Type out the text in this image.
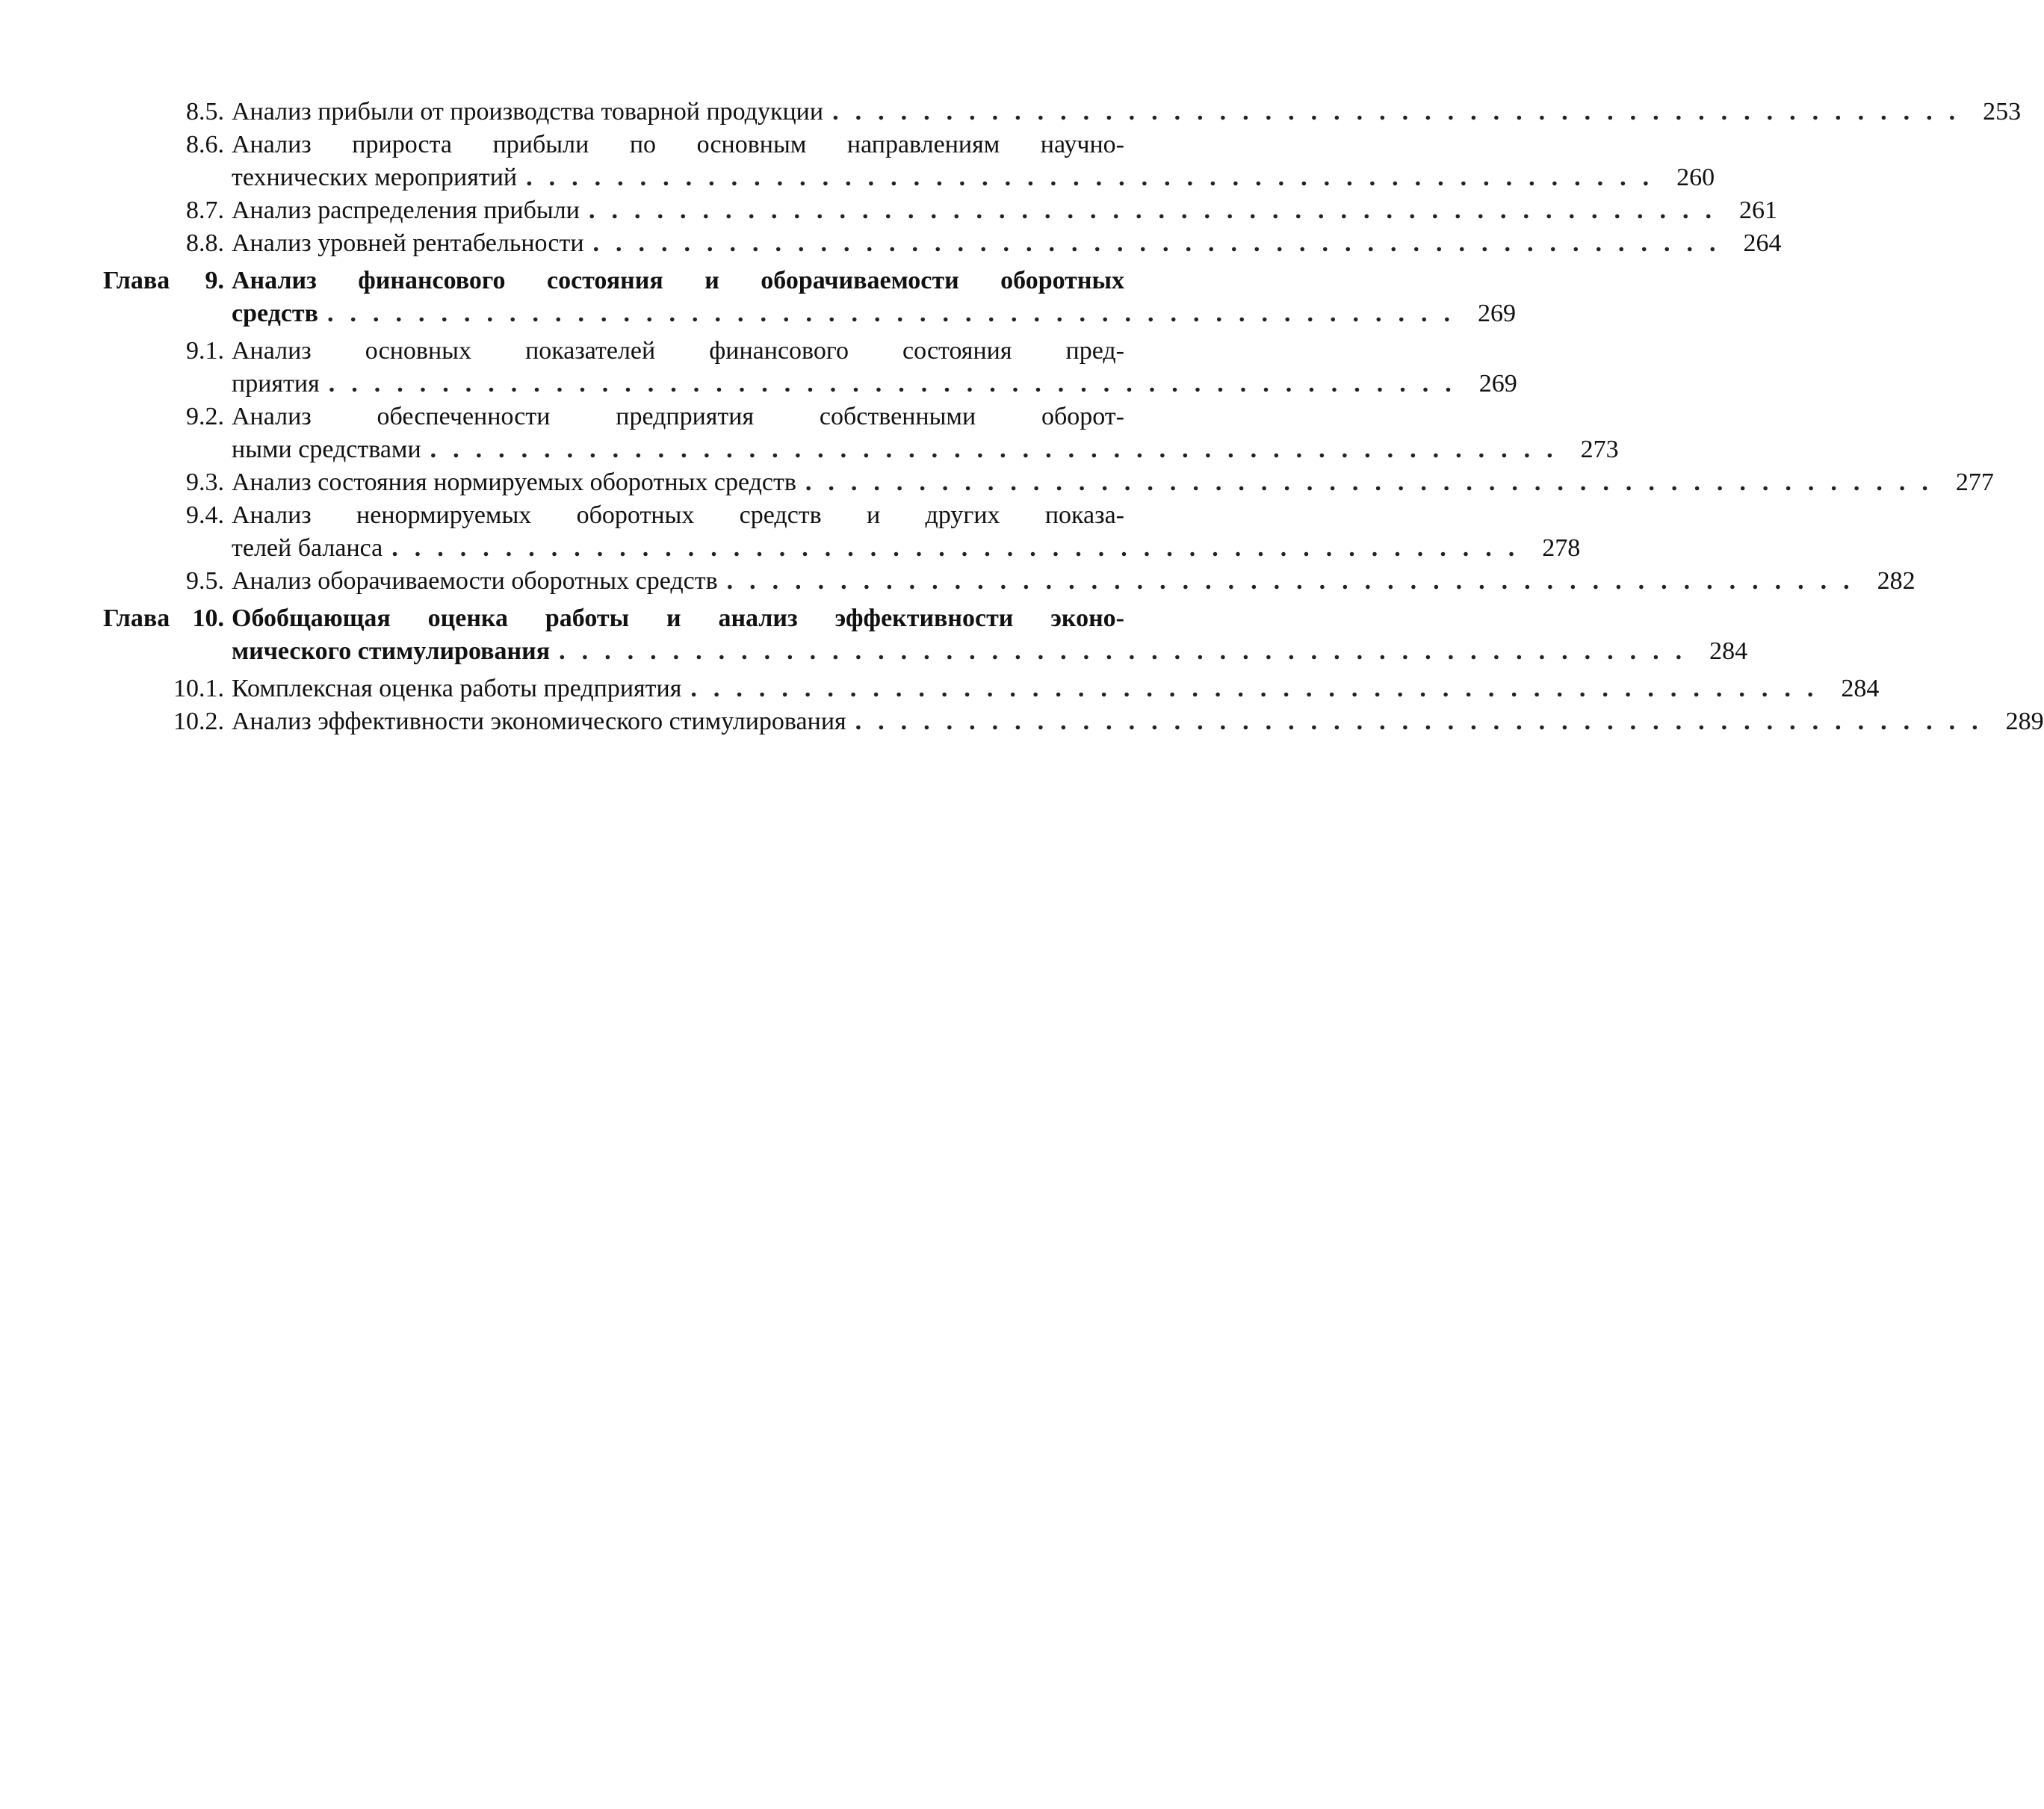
8.5. Анализ прибыли от производства товарной продукции .................................................. 253
8.6. Анализ прироста прибыли по основным направлениям научно-
технических мероприятий .................................................. 260
8.7. Анализ распределения прибыли .................................................. 261
8.8. Анализ уровней рентабельности .................................................. 264
Глава 9. Анализ финансового состояния и оборачиваемости оборотных
средств .................................................. 269
9.1. Анализ основных показателей финансового состояния пред-
приятия .................................................. 269
9.2. Анализ обеспеченности предприятия собственными оборот-
ными средствами .................................................. 273
9.3. Анализ состояния нормируемых оборотных средств .................................................. 277
9.4. Анализ ненормируемых оборотных средств и других показа-
телей баланса .................................................. 278
9.5. Анализ оборачиваемости оборотных средств .................................................. 282
Глава 10. Обобщающая оценка работы и анализ эффективности эконо-
мического стимулирования .................................................. 284
10.1. Комплексная оценка работы предприятия .................................................. 284
10.2. Анализ эффективности экономического стимулирования .................................................. 289
